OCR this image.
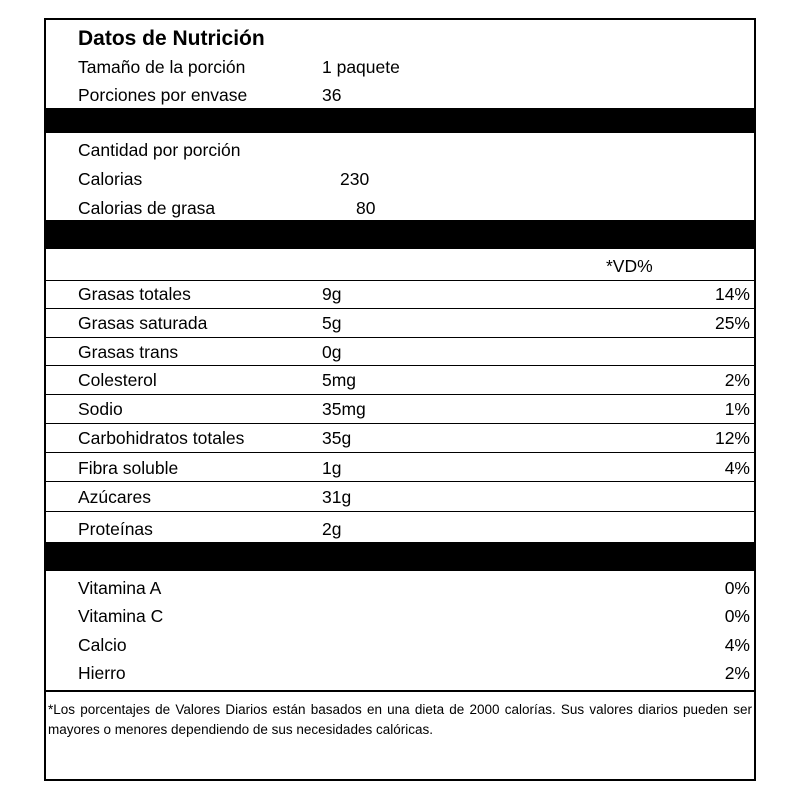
Datos de Nutrición
Tamaño de la porción	1 paquete
Porciones por envase	36
Cantidad por porción
Calorias	230
Calorias de grasa	80
*VD%
Grasas totales	9g	14%
Grasas saturada	5g	25%
Grasas trans	0g
Colesterol	5mg	2%
Sodio	35mg	1%
Carbohidratos totales	35g	12%
Fibra soluble	1g	4%
Azúcares	31g
Proteínas	2g
Vitamina A	0%
Vitamina C	0%
Calcio	4%
Hierro	2%
*Los porcentajes de Valores Diarios están basados en una dieta de 2000 calorías. Sus valores diarios pueden ser mayores o menores dependiendo de sus necesidades calóricas.
